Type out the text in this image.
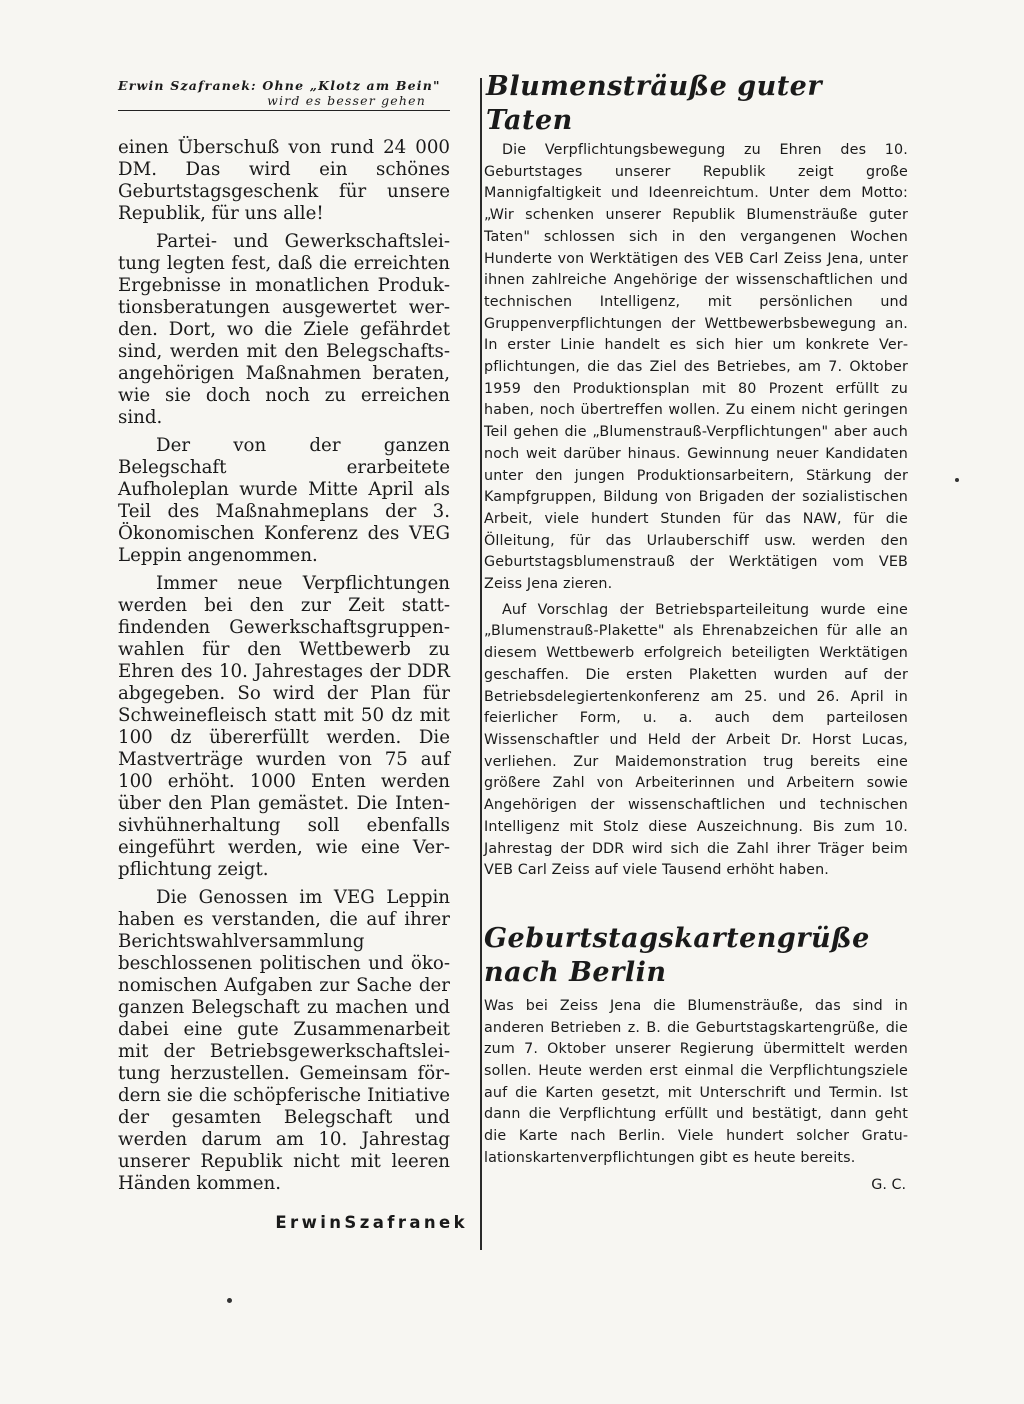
Erwin Szafranek: Ohne „Klotz am Bein"
wird es besser gehen

einen Überschuß von rund 24 000 DM. Das wird ein schönes Geburtstagsgeschenk für unsere Republik, für uns alle!

Partei- und Gewerkschaftsleitung legten fest, daß die erreichten Ergebnisse in monatlichen Produktionsberatungen ausgewertet werden. Dort, wo die Ziele gefährdet sind, werden mit den Belegschaftsangehörigen Maßnahmen beraten, wie sie doch noch zu erreichen sind.

Der von der ganzen Belegschaft erarbeitete Aufholeplan wurde Mitte April als Teil des Maßnahmeplans der 3. Ökonomischen Konferenz des VEG Leppin angenommen.

Immer neue Verpflichtungen werden bei den zur Zeit stattfindenden Gewerkschaftsgruppenwahlen für den Wettbewerb zu Ehren des 10. Jahrestages der DDR abgegeben. So wird der Plan für Schweinefleisch statt mit 50 dz mit 100 dz übererfüllt werden. Die Mastverträge wurden von 75 auf 100 erhöht. 1000 Enten werden über den Plan gemästet. Die Intensivhühnerhaltung soll ebenfalls eingeführt werden, wie eine Verpflichtung zeigt.

Die Genossen im VEG Leppin haben es verstanden, die auf ihrer Berichtswahlversammlung beschlossenen politischen und ökonomischen Aufgaben zur Sache der ganzen Belegschaft zu machen und dabei eine gute Zusammenarbeit mit der Betriebsgewerkschaftsleitung herzustellen. Gemeinsam fördern sie die schöpferische Initiative der gesamten Belegschaft und werden darum am 10. Jahrestag unserer Republik nicht mit leeren Händen kommen.

ErwinSzafranek
Blumensträuße guter Taten

Die Verpflichtungsbewegung zu Ehren des 10. Geburtstages unserer Republik zeigt große Mannigfaltigkeit und Ideenreichtum. Unter dem Motto: „Wir schenken unserer Republik Blumensträuße guter Taten" schlossen sich in den vergangenen Wochen Hunderte von Werktätigen des VEB Carl Zeiss Jena, unter ihnen zahlreiche Angehörige der wissenschaftlichen und technischen Intelligenz, mit persönlichen und Gruppenverpflichtungen der Wettbewerbsbewegung an. In erster Linie handelt es sich hier um konkrete Verpflichtungen, die das Ziel des Betriebes, am 7. Oktober 1959 den Produktionsplan mit 80 Prozent erfüllt zu haben, noch übertreffen wollen. Zu einem nicht geringen Teil gehen die „Blumenstrauß-Verpflichtungen" aber auch noch weit darüber hinaus. Gewinnung neuer Kandidaten unter den jungen Produktionsarbeitern, Stärkung der Kampfgruppen, Bildung von Brigaden der sozialistischen Arbeit, viele hundert Stunden für das NAW, für die Ölleitung, für das Urlauberschiff usw. werden den Geburtstagsblumenstrauß der Werktätigen vom VEB Zeiss Jena zieren.

Auf Vorschlag der Betriebsparteileitung wurde eine „Blumenstrauß-Plakette" als Ehrenabzeichen für alle an diesem Wettbewerb erfolgreich beteiligten Werktätigen geschaffen. Die ersten Plaketten wurden auf der Betriebsdelegiertenkonferenz am 25. und 26. April in feierlicher Form, u. a. auch dem parteilosen Wissenschaftler und Held der Arbeit Dr. Horst Lucas, verliehen. Zur Maidemonstration trug bereits eine größere Zahl von Arbeiterinnen und Arbeitern sowie Angehörigen der wissenschaftlichen und technischen Intelligenz mit Stolz diese Auszeichnung. Bis zum 10. Jahrestag der DDR wird sich die Zahl ihrer Träger beim VEB Carl Zeiss auf viele Tausend erhöht haben.

Geburtstagskartengrüße
nach Berlin

Was bei Zeiss Jena die Blumensträuße, das sind in anderen Betrieben z. B. die Geburtstagskartengrüße, die zum 7. Oktober unserer Regierung übermittelt werden sollen. Heute werden erst einmal die Verpflichtungsziele auf die Karten gesetzt, mit Unterschrift und Termin. Ist dann die Verpflichtung erfüllt und bestätigt, dann geht die Karte nach Berlin. Viele hundert solcher Gratulationskartenverpflichtungen gibt es heute bereits.

G. C.
